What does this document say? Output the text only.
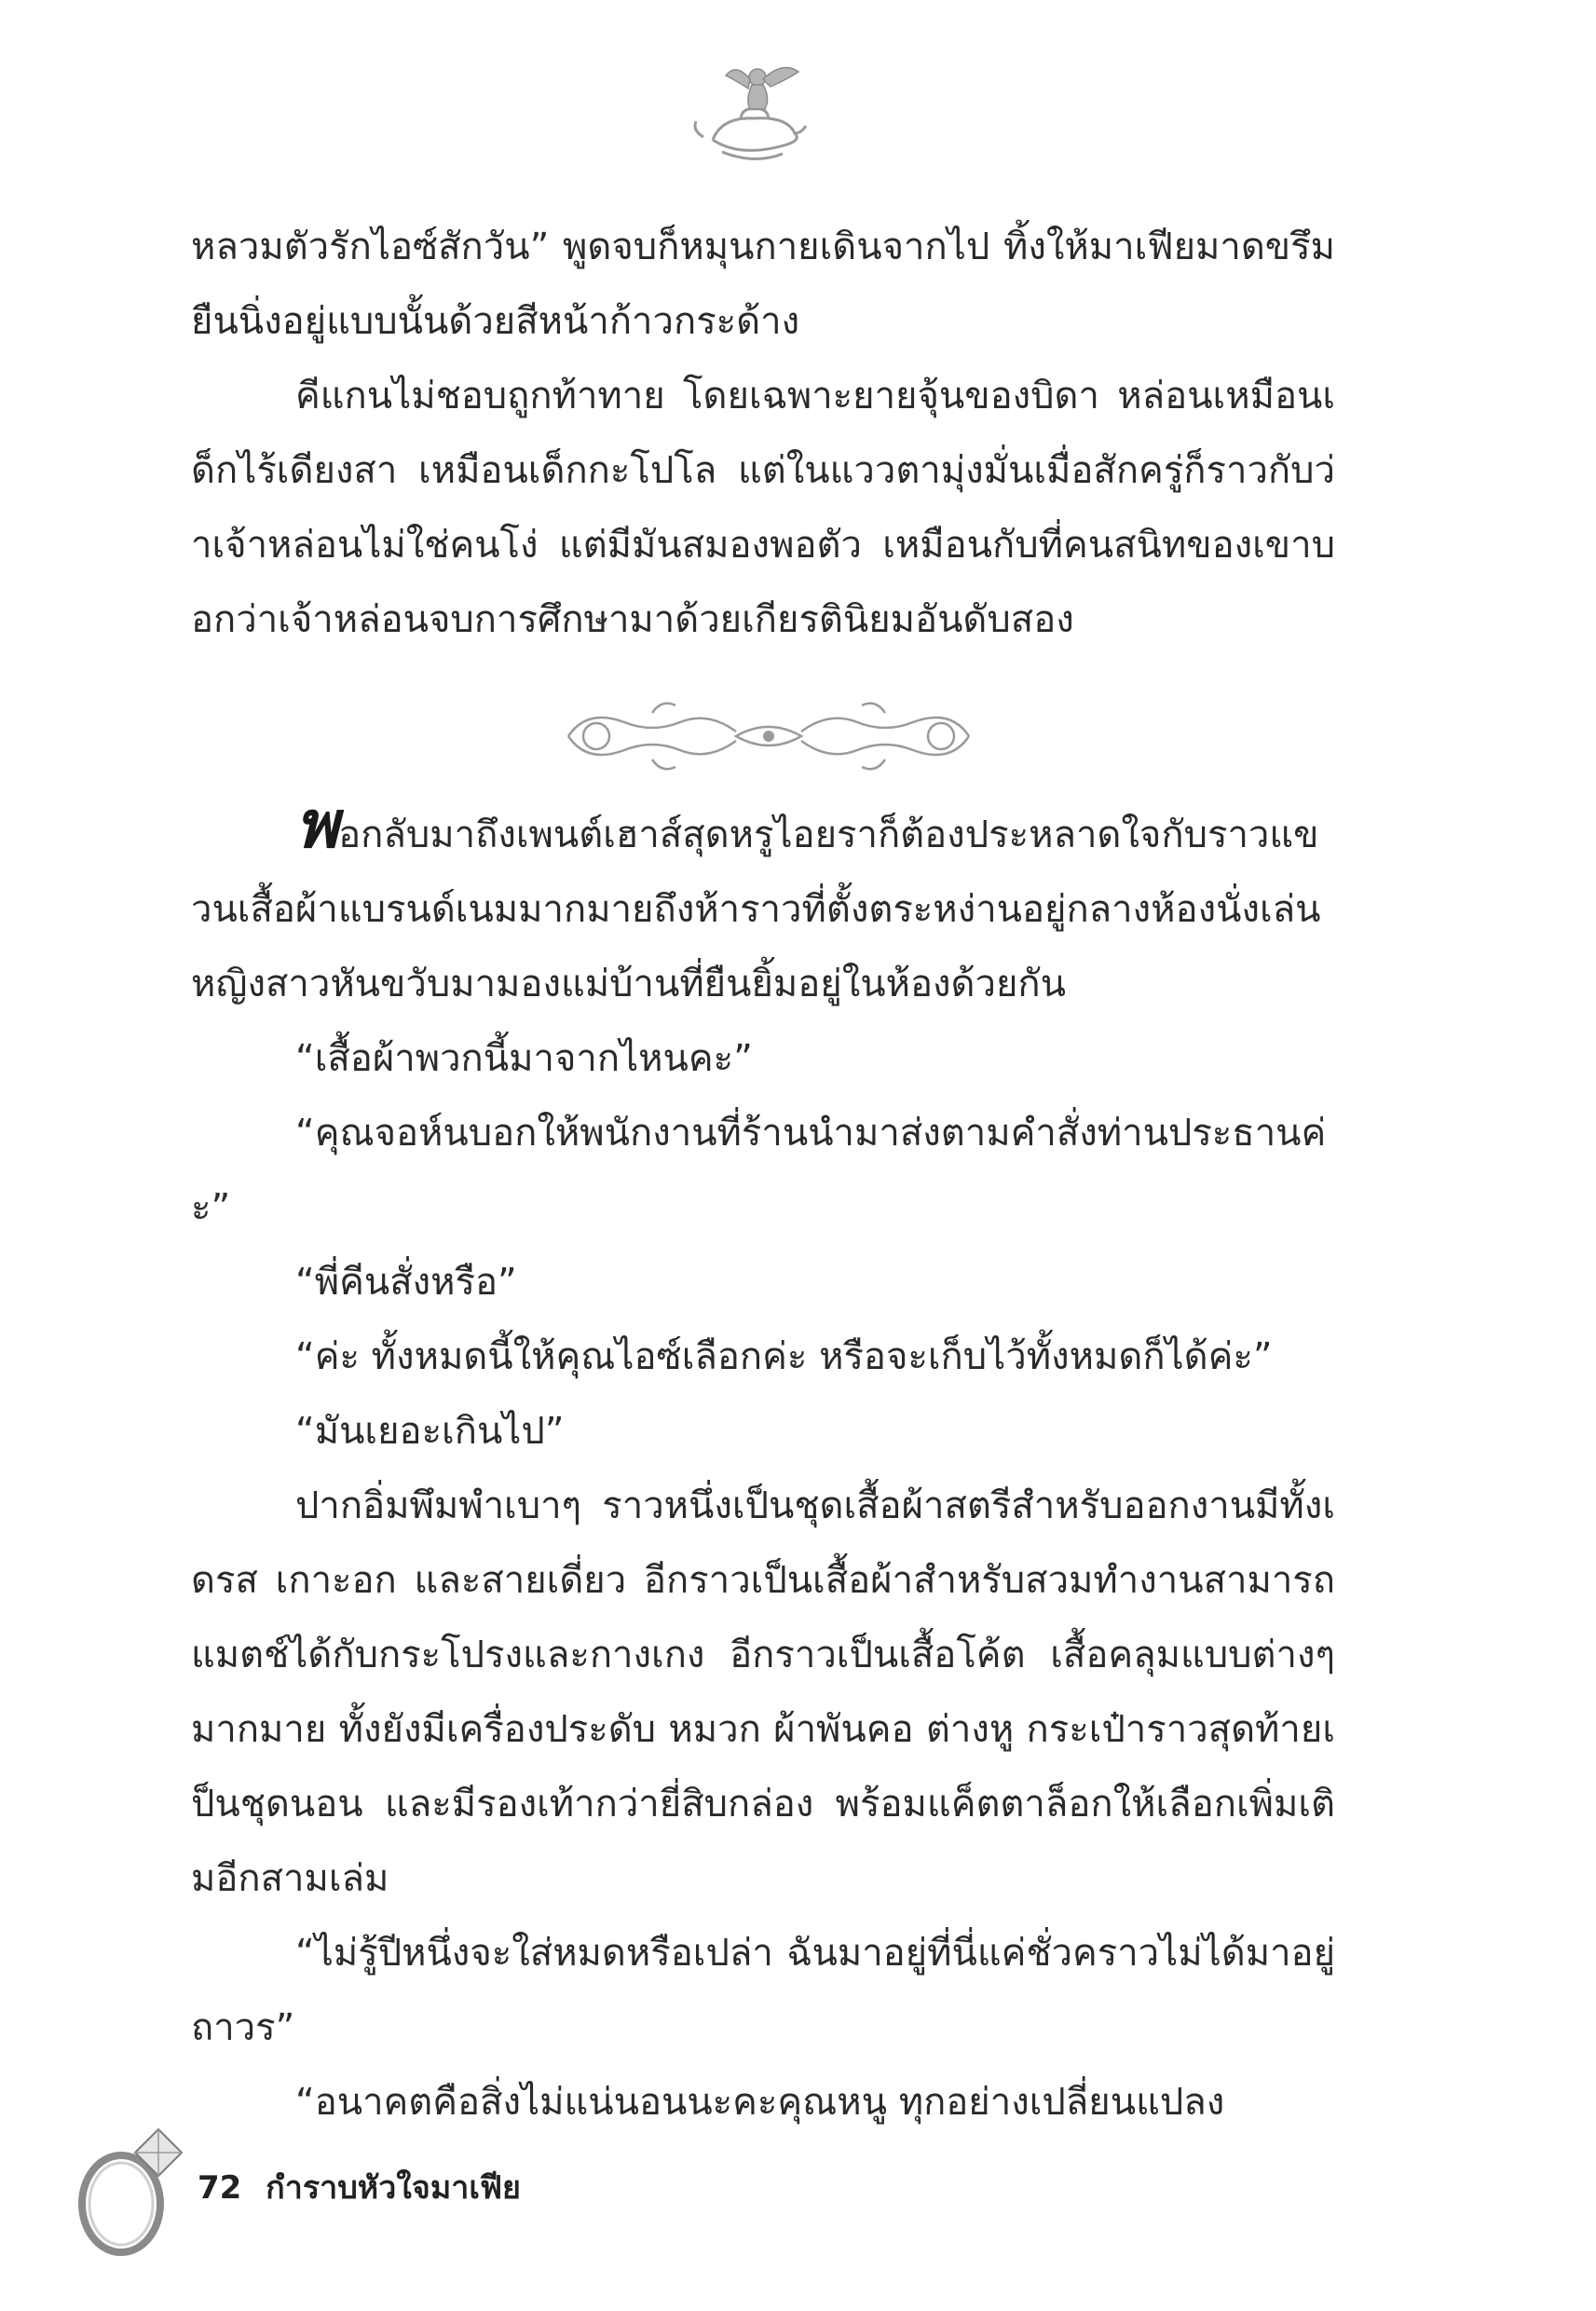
หลวมตัวรักไอซ์สักวัน” พูดจบก็หมุนกายเดินจากไป ทิ้งให้มาเฟียมาดขรึมยืนนิ่งอยู่แบบนั้นด้วยสีหน้าก้าวกระด้าง

คีแกนไม่ชอบถูกท้าทาย โดยเฉพาะยายจุ้นของบิดา หล่อนเหมือนเด็กไร้เดียงสา เหมือนเด็กกะโปโล แต่ในแววตามุ่งมั่นเมื่อสักครู่ก็ราวกับว่าเจ้าหล่อนไม่ใช่คนโง่ แต่มีมันสมองพอตัว เหมือนกับที่คนสนิทของเขาบอกว่าเจ้าหล่อนจบการศึกษามาด้วยเกียรตินิยมอันดับสอง

พอกลับมาถึงเพนต์เฮาส์สุดหรูไอยราก็ต้องประหลาดใจกับราวแขวนเสื้อผ้าแบรนด์เนมมากมายถึงห้าราวที่ตั้งตระหง่านอยู่กลางห้องนั่งเล่น หญิงสาวหันขวับมามองแม่บ้านที่ยืนยิ้มอยู่ในห้องด้วยกัน

“เสื้อผ้าพวกนี้มาจากไหนคะ”

“คุณจอห์นบอกให้พนักงานที่ร้านนำมาส่งตามคำสั่งท่านประธานค่ะ”

“พี่คีนสั่งหรือ”

“ค่ะ ทั้งหมดนี้ให้คุณไอซ์เลือกค่ะ หรือจะเก็บไว้ทั้งหมดก็ได้ค่ะ”

“มันเยอะเกินไป”

ปากอิ่มพึมพำเบาๆ ราวหนึ่งเป็นชุดเสื้อผ้าสตรีสำหรับออกงานมีทั้งเดรส เกาะอก และสายเดี่ยว อีกราวเป็นเสื้อผ้าสำหรับสวมทำงานสามารถแมตช์ได้กับกระโปรงและกางเกง อีกราวเป็นเสื้อโค้ต เสื้อคลุมแบบต่างๆ มากมาย ทั้งยังมีเครื่องประดับ หมวก ผ้าพันคอ ต่างหู กระเป๋าราวสุดท้ายเป็นชุดนอน และมีรองเท้ากว่ายี่สิบกล่อง พร้อมแค็ตตาล็อกให้เลือกเพิ่มเติมอีกสามเล่ม

“ไม่รู้ปีหนึ่งจะใส่หมดหรือเปล่า ฉันมาอยู่ที่นี่แค่ชั่วคราวไม่ได้มาอยู่ถาวร”

“อนาคตคือสิ่งไม่แน่นอนนะคะคุณหนู ทุกอย่างเปลี่ยนแปลง

72 กำราบหัวใจมาเฟีย
